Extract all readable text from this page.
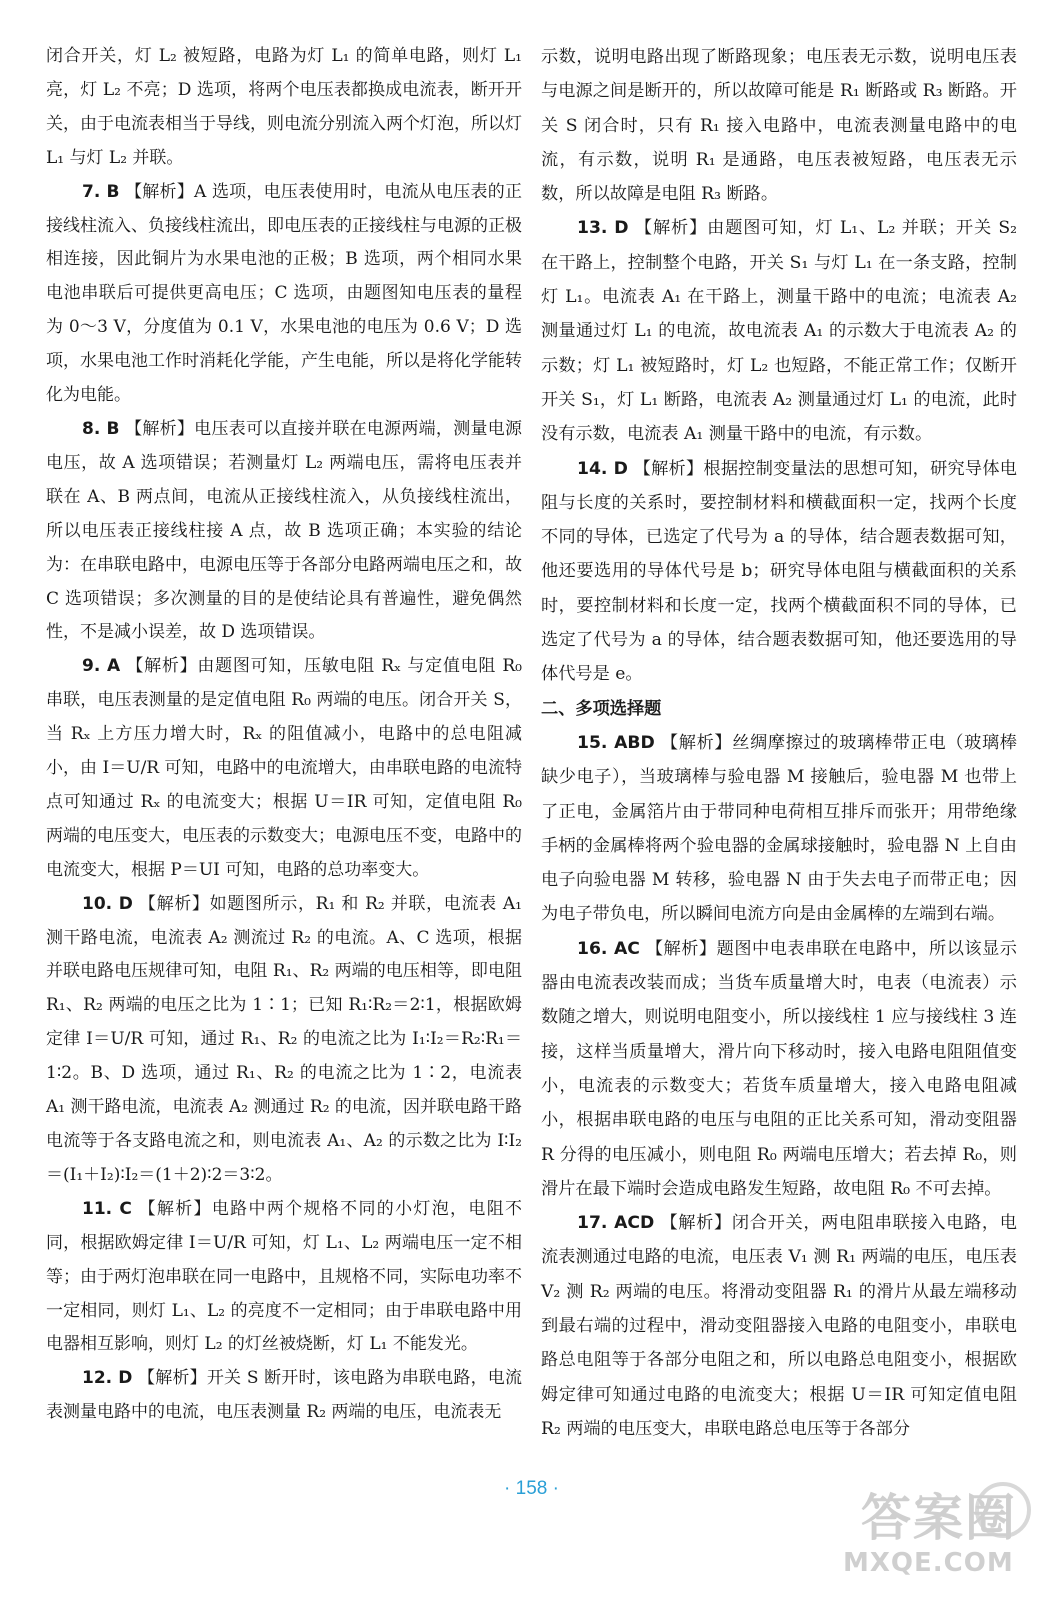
闭合开关，灯 L₂ 被短路，电路为灯 L₁ 的简单电路，则灯 L₁ 亮，灯 L₂ 不亮；D 选项，将两个电压表都换成电流表，断开开关，由于电流表相当于导线，则电流分别流入两个灯泡，所以灯 L₁ 与灯 L₂ 并联。

7. B 【解析】A 选项，电压表使用时，电流从电压表的正接线柱流入、负接线柱流出，即电压表的正接线柱与电源的正极相连接，因此铜片为水果电池的正极；B 选项，两个相同水果电池串联后可提供更高电压；C 选项，由题图知电压表的量程为 0～3 V，分度值为 0.1 V，水果电池的电压为 0.6 V；D 选项，水果电池工作时消耗化学能，产生电能，所以是将化学能转化为电能。

8. B 【解析】电压表可以直接并联在电源两端，测量电源电压，故 A 选项错误；若测量灯 L₂ 两端电压，需将电压表并联在 A、B 两点间，电流从正接线柱流入，从负接线柱流出，所以电压表正接线柱接 A 点，故 B 选项正确；本实验的结论为：在串联电路中，电源电压等于各部分电路两端电压之和，故 C 选项错误；多次测量的目的是使结论具有普遍性，避免偶然性，不是减小误差，故 D 选项错误。

9. A 【解析】由题图可知，压敏电阻 Rₓ 与定值电阻 R₀ 串联，电压表测量的是定值电阻 R₀ 两端的电压。闭合开关 S，当 Rₓ 上方压力增大时，Rₓ 的阻值减小，电路中的总电阻减小，由 I＝U/R 可知，电路中的电流增大，由串联电路的电流特点可知通过 Rₓ 的电流变大；根据 U＝IR 可知，定值电阻 R₀ 两端的电压变大，电压表的示数变大；电源电压不变，电路中的电流变大，根据 P＝UI 可知，电路的总功率变大。

10. D 【解析】如题图所示，R₁ 和 R₂ 并联，电流表 A₁ 测干路电流，电流表 A₂ 测流过 R₂ 的电流。A、C 选项，根据并联电路电压规律可知，电阻 R₁、R₂ 两端的电压相等，即电阻 R₁、R₂ 两端的电压之比为 1∶1；已知 R₁∶R₂＝2∶1，根据欧姆定律 I＝U/R 可知，通过 R₁、R₂ 的电流之比为 I₁∶I₂＝R₂∶R₁＝1∶2。B、D 选项，通过 R₁、R₂ 的电流之比为 1∶2，电流表 A₁ 测干路电流，电流表 A₂ 测通过 R₂ 的电流，因并联电路干路电流等于各支路电流之和，则电流表 A₁、A₂ 的示数之比为 I∶I₂＝(I₁＋I₂)∶I₂＝(1＋2)∶2＝3∶2。

11. C 【解析】电路中两个规格不同的小灯泡，电阻不同，根据欧姆定律 I＝U/R 可知，灯 L₁、L₂ 两端电压一定不相等；由于两灯泡串联在同一电路中，且规格不同，实际电功率不一定相同，则灯 L₁、L₂ 的亮度不一定相同；由于串联电路中用电器相互影响，则灯 L₂ 的灯丝被烧断，灯 L₁ 不能发光。

12. D 【解析】开关 S 断开时，该电路为串联电路，电流表测量电路中的电流，电压表测量 R₂ 两端的电压，电流表无

示数，说明电路出现了断路现象；电压表无示数，说明电压表与电源之间是断开的，所以故障可能是 R₁ 断路或 R₃ 断路。开关 S 闭合时，只有 R₁ 接入电路中，电流表测量电路中的电流，有示数，说明 R₁ 是通路，电压表被短路，电压表无示数，所以故障是电阻 R₃ 断路。

13. D 【解析】由题图可知，灯 L₁、L₂ 并联；开关 S₂ 在干路上，控制整个电路，开关 S₁ 与灯 L₁ 在一条支路，控制灯 L₁。电流表 A₁ 在干路上，测量干路中的电流；电流表 A₂ 测量通过灯 L₁ 的电流，故电流表 A₁ 的示数大于电流表 A₂ 的示数；灯 L₁ 被短路时，灯 L₂ 也短路，不能正常工作；仅断开开关 S₁，灯 L₁ 断路，电流表 A₂ 测量通过灯 L₁ 的电流，此时没有示数，电流表 A₁ 测量干路中的电流，有示数。

14. D 【解析】根据控制变量法的思想可知，研究导体电阻与长度的关系时，要控制材料和横截面积一定，找两个长度不同的导体，已选定了代号为 a 的导体，结合题表数据可知，他还要选用的导体代号是 b；研究导体电阻与横截面积的关系时，要控制材料和长度一定，找两个横截面积不同的导体，已选定了代号为 a 的导体，结合题表数据可知，他还要选用的导体代号是 e。

二、多项选择题

15. ABD 【解析】丝绸摩擦过的玻璃棒带正电（玻璃棒缺少电子），当玻璃棒与验电器 M 接触后，验电器 M 也带上了正电，金属箔片由于带同种电荷相互排斥而张开；用带绝缘手柄的金属棒将两个验电器的金属球接触时，验电器 N 上自由电子向验电器 M 转移，验电器 N 由于失去电子而带正电；因为电子带负电，所以瞬间电流方向是由金属棒的左端到右端。

16. AC 【解析】题图中电表串联在电路中，所以该显示器由电流表改装而成；当货车质量增大时，电表（电流表）示数随之增大，则说明电阻变小，所以接线柱 1 应与接线柱 3 连接，这样当质量增大，滑片向下移动时，接入电路电阻阻值变小，电流表的示数变大；若货车质量增大，接入电路电阻减小，根据串联电路的电压与电阻的正比关系可知，滑动变阻器 R 分得的电压减小，则电阻 R₀ 两端电压增大；若去掉 R₀，则滑片在最下端时会造成电路发生短路，故电阻 R₀ 不可去掉。

17. ACD 【解析】闭合开关，两电阻串联接入电路，电流表测通过电路的电流，电压表 V₁ 测 R₁ 两端的电压，电压表 V₂ 测 R₂ 两端的电压。将滑动变阻器 R₁ 的滑片从最左端移动到最右端的过程中，滑动变阻器接入电路的电阻变小，串联电路总电阻等于各部分电阻之和，所以电路总电阻变小，根据欧姆定律可知通过电路的电流变大；根据 U＝IR 可知定值电阻 R₂ 两端的电压变大，串联电路总电压等于各部分

· 158 ·
答案圈
MXQE.COM
